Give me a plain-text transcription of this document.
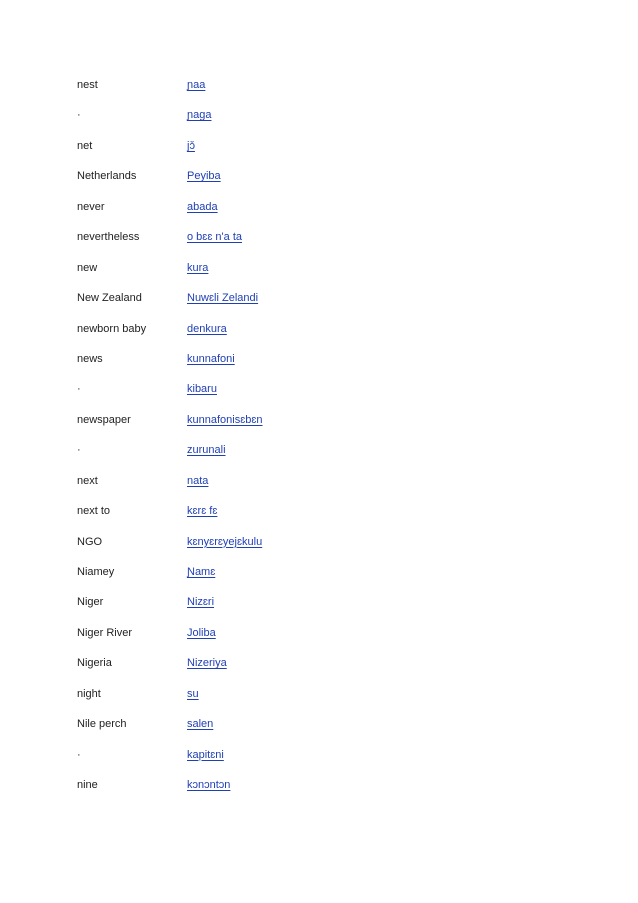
nest	ɲaa
·	ɲaga
net	jɔ̌
Netherlands	Peyiba
never	abada
nevertheless	o bɛɛ n'a ta
new	kura
New Zealand	Nuwɛli Zelandi
newborn baby	denkura
news	kunnafoni
·	kibaru
newspaper	kunnafonisɛbɛn
·	zurunali
next	nata
next to	kɛrɛ fɛ
NGO	kɛnyɛrɛyejɛkulu
Niamey	Ɲamɛ
Niger	Nizɛri
Niger River	Joliba
Nigeria	Nizeriya
night	su
Nile perch	salen
·	kapitɛni
nine	kɔnɔntɔn
